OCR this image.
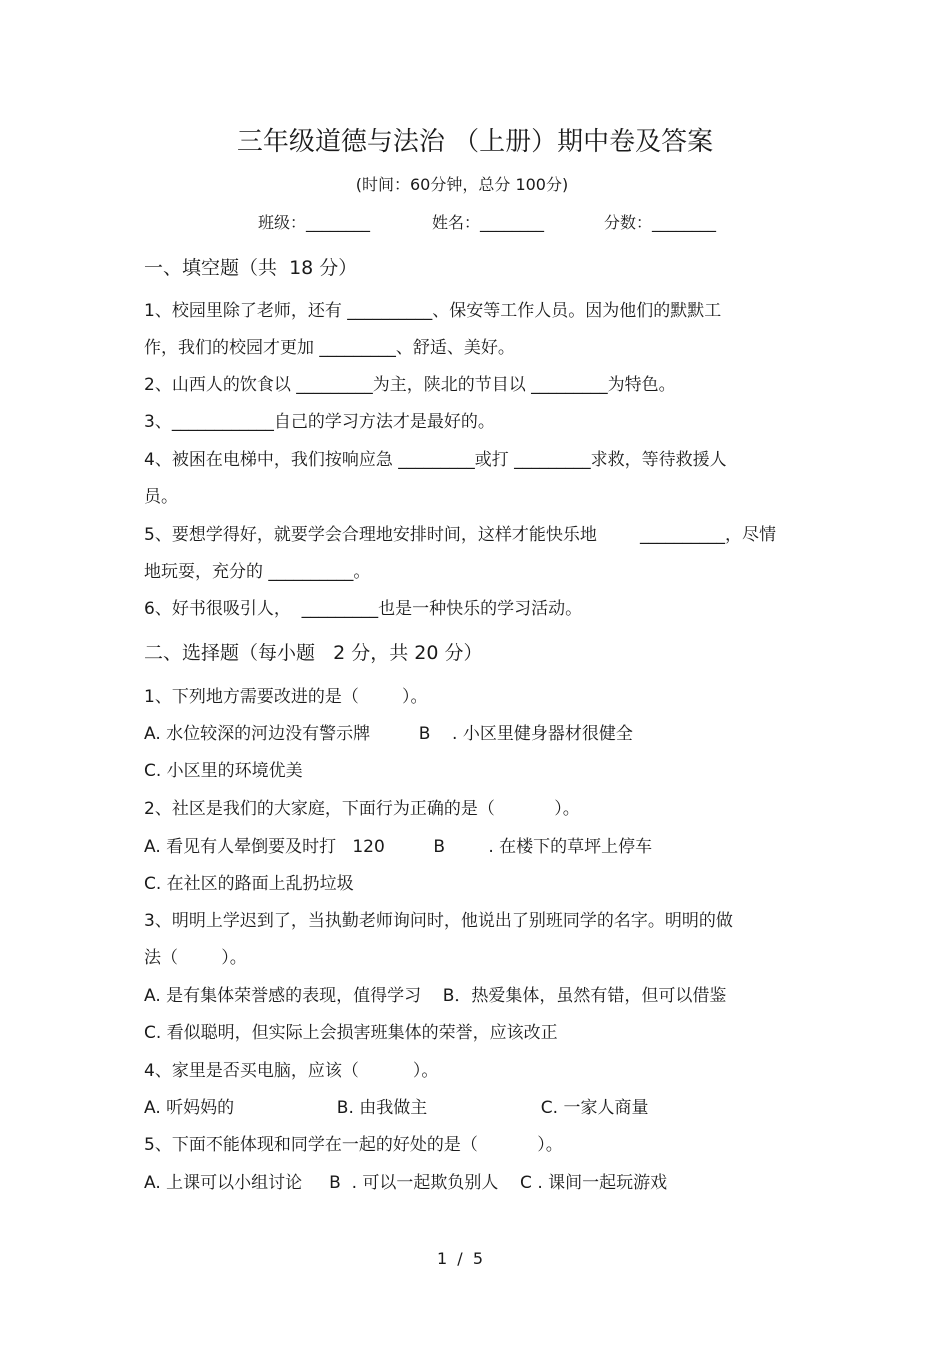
三年级道德与法治 （上册）期中卷及答案
(时间：60分钟，总分 100分)
班级：________	姓名：________	分数：________
一、填空题（共  18 分）
1、校园里除了老师，还有 __________、保安等工作人员。因为他们的默默工
作，我们的校园才更加 _________、舒适、美好。
2、山西人的饮食以 _________为主，陕北的节目以 _________为特色。
3、____________自己的学习方法才是最好的。
4、被困在电梯中，我们按响应急 _________或打 _________求救，等待救援人
员。
5、要想学得好，就要学会合理地安排时间，这样才能快乐地        __________，尽情
地玩耍，充分的 __________。
6、好书很吸引人，  _________也是一种快乐的学习活动。
二、选择题（每小题   2 分，共 20 分）
1、下列地方需要改进的是（        ）。
A. 水位较深的河边没有警示牌         B    . 小区里健身器材很健全
C. 小区里的环境优美
2、社区是我们的大家庭，下面行为正确的是（           ）。
A. 看见有人晕倒要及时打   120         B        . 在楼下的草坪上停车
C. 在社区的路面上乱扔垃圾
3、明明上学迟到了，当执勤老师询问时，他说出了别班同学的名字。明明的做
法（        ）。
A. 是有集体荣誉感的表现，值得学习    B．热爱集体，虽然有错，但可以借鉴
C. 看似聪明，但实际上会损害班集体的荣誉，应该改正
4、家里是否买电脑，应该（          ）。
A. 听妈妈的                   B. 由我做主                     C. 一家人商量
5、下面不能体现和同学在一起的好处的是（           ）。
A. 上课可以小组讨论     B  . 可以一起欺负别人    C . 课间一起玩游戏
1  /  5
